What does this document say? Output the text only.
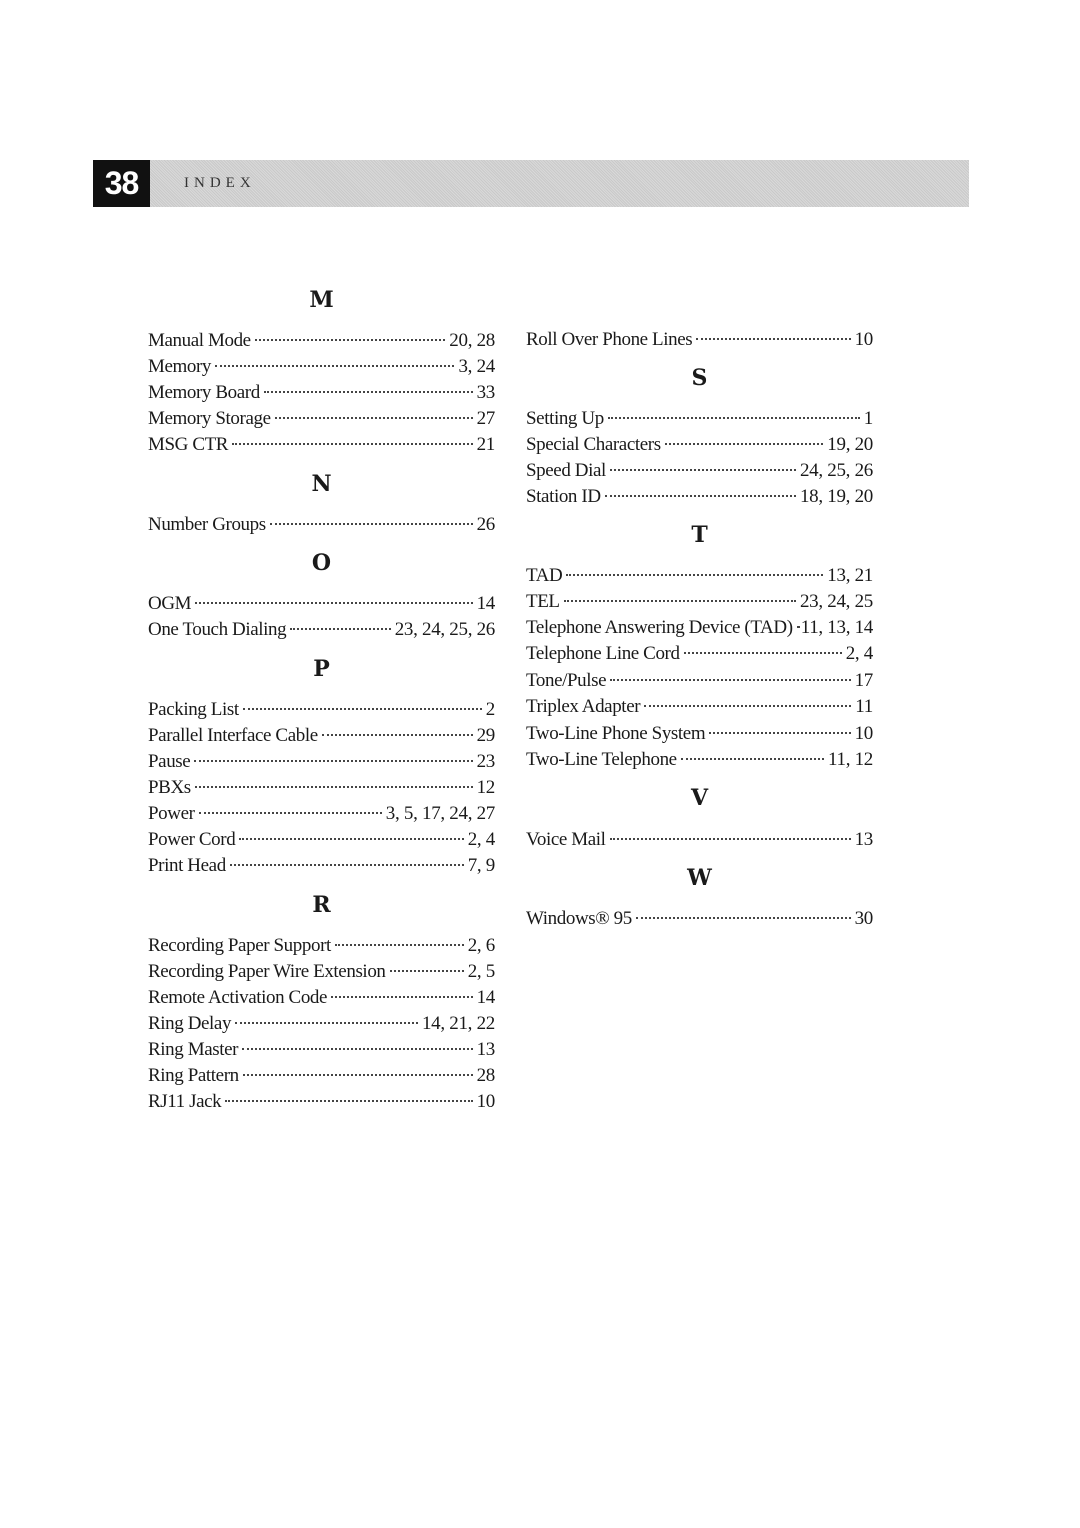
38	INDEX
M
Manual Mode	20, 28
Memory	3, 24
Memory Board	33
Memory Storage	27
MSG CTR	21
N
Number Groups	26
O
OGM	14
One Touch Dialing	23, 24, 25, 26
P
Packing List	2
Parallel Interface Cable	29
Pause	23
PBXs	12
Power	3, 5, 17, 24, 27
Power Cord	2, 4
Print Head	7, 9
R
Recording Paper Support	2, 6
Recording Paper Wire Extension	2, 5
Remote Activation Code	14
Ring Delay	14, 21, 22
Ring Master	13
Ring Pattern	28
RJ11 Jack	10
Roll Over Phone Lines	10
S
Setting Up	1
Special Characters	19, 20
Speed Dial	24, 25, 26
Station ID	18, 19, 20
T
TAD	13, 21
TEL	23, 24, 25
Telephone Answering Device (TAD) 11, 13, 14
Telephone Line Cord	2, 4
Tone/Pulse	17
Triplex Adapter	11
Two-Line Phone System	10
Two-Line Telephone	11, 12
V
Voice Mail	13
W
Windows® 95	30
